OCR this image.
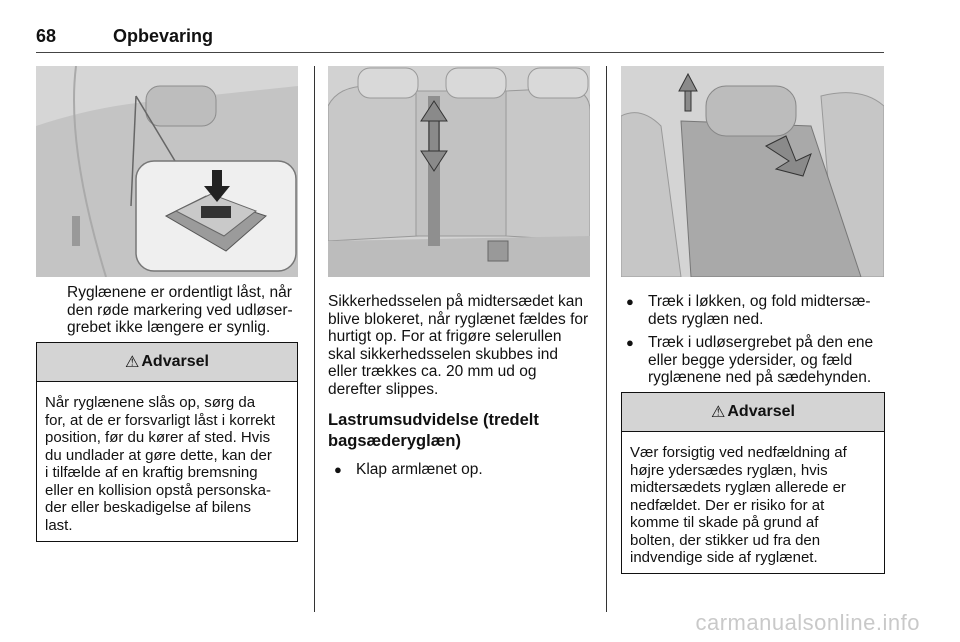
68	Opbevaring

Ryglænene er ordentligt låst, når
den røde markering ved udløser-
grebet ikke længere er synlig.

⚠ Advarsel
Når ryglænene slås op, sørg da
for, at de er forsvarligt låst i korrekt
position, før du kører af sted. Hvis
du undlader at gøre dette, kan der
i tilfælde af en kraftig bremsning
eller en kollision opstå personska-
der eller beskadigelse af bilens
last.

Sikkerhedsselen på midtersædet kan
blive blokeret, når ryglænet fældes for
hurtigt op. For at frigøre selerullen
skal sikkerhedsselen skubbes ind
eller trækkes ca. 20 mm ud og
derefter slippes.

Lastrumsudvidelse (tredelt bagsæderyglæn)
● Klap armlænet op.
● Træk i løkken, og fold midtersæ- dets ryglæn ned.
● Træk i udløsergrebet på den ene eller begge ydersider, og fæld ryglænene ned på sædehynden.
⚠ Advarsel
Vær forsigtig ved nedfældning af
højre ydersædes ryglæn, hvis
midtersædets ryglæn allerede er
nedfældet. Der er risiko for at
komme til skade på grund af
bolten, der stikker ud fra den
indvendige side af ryglænet.
carmanualsonline.info
